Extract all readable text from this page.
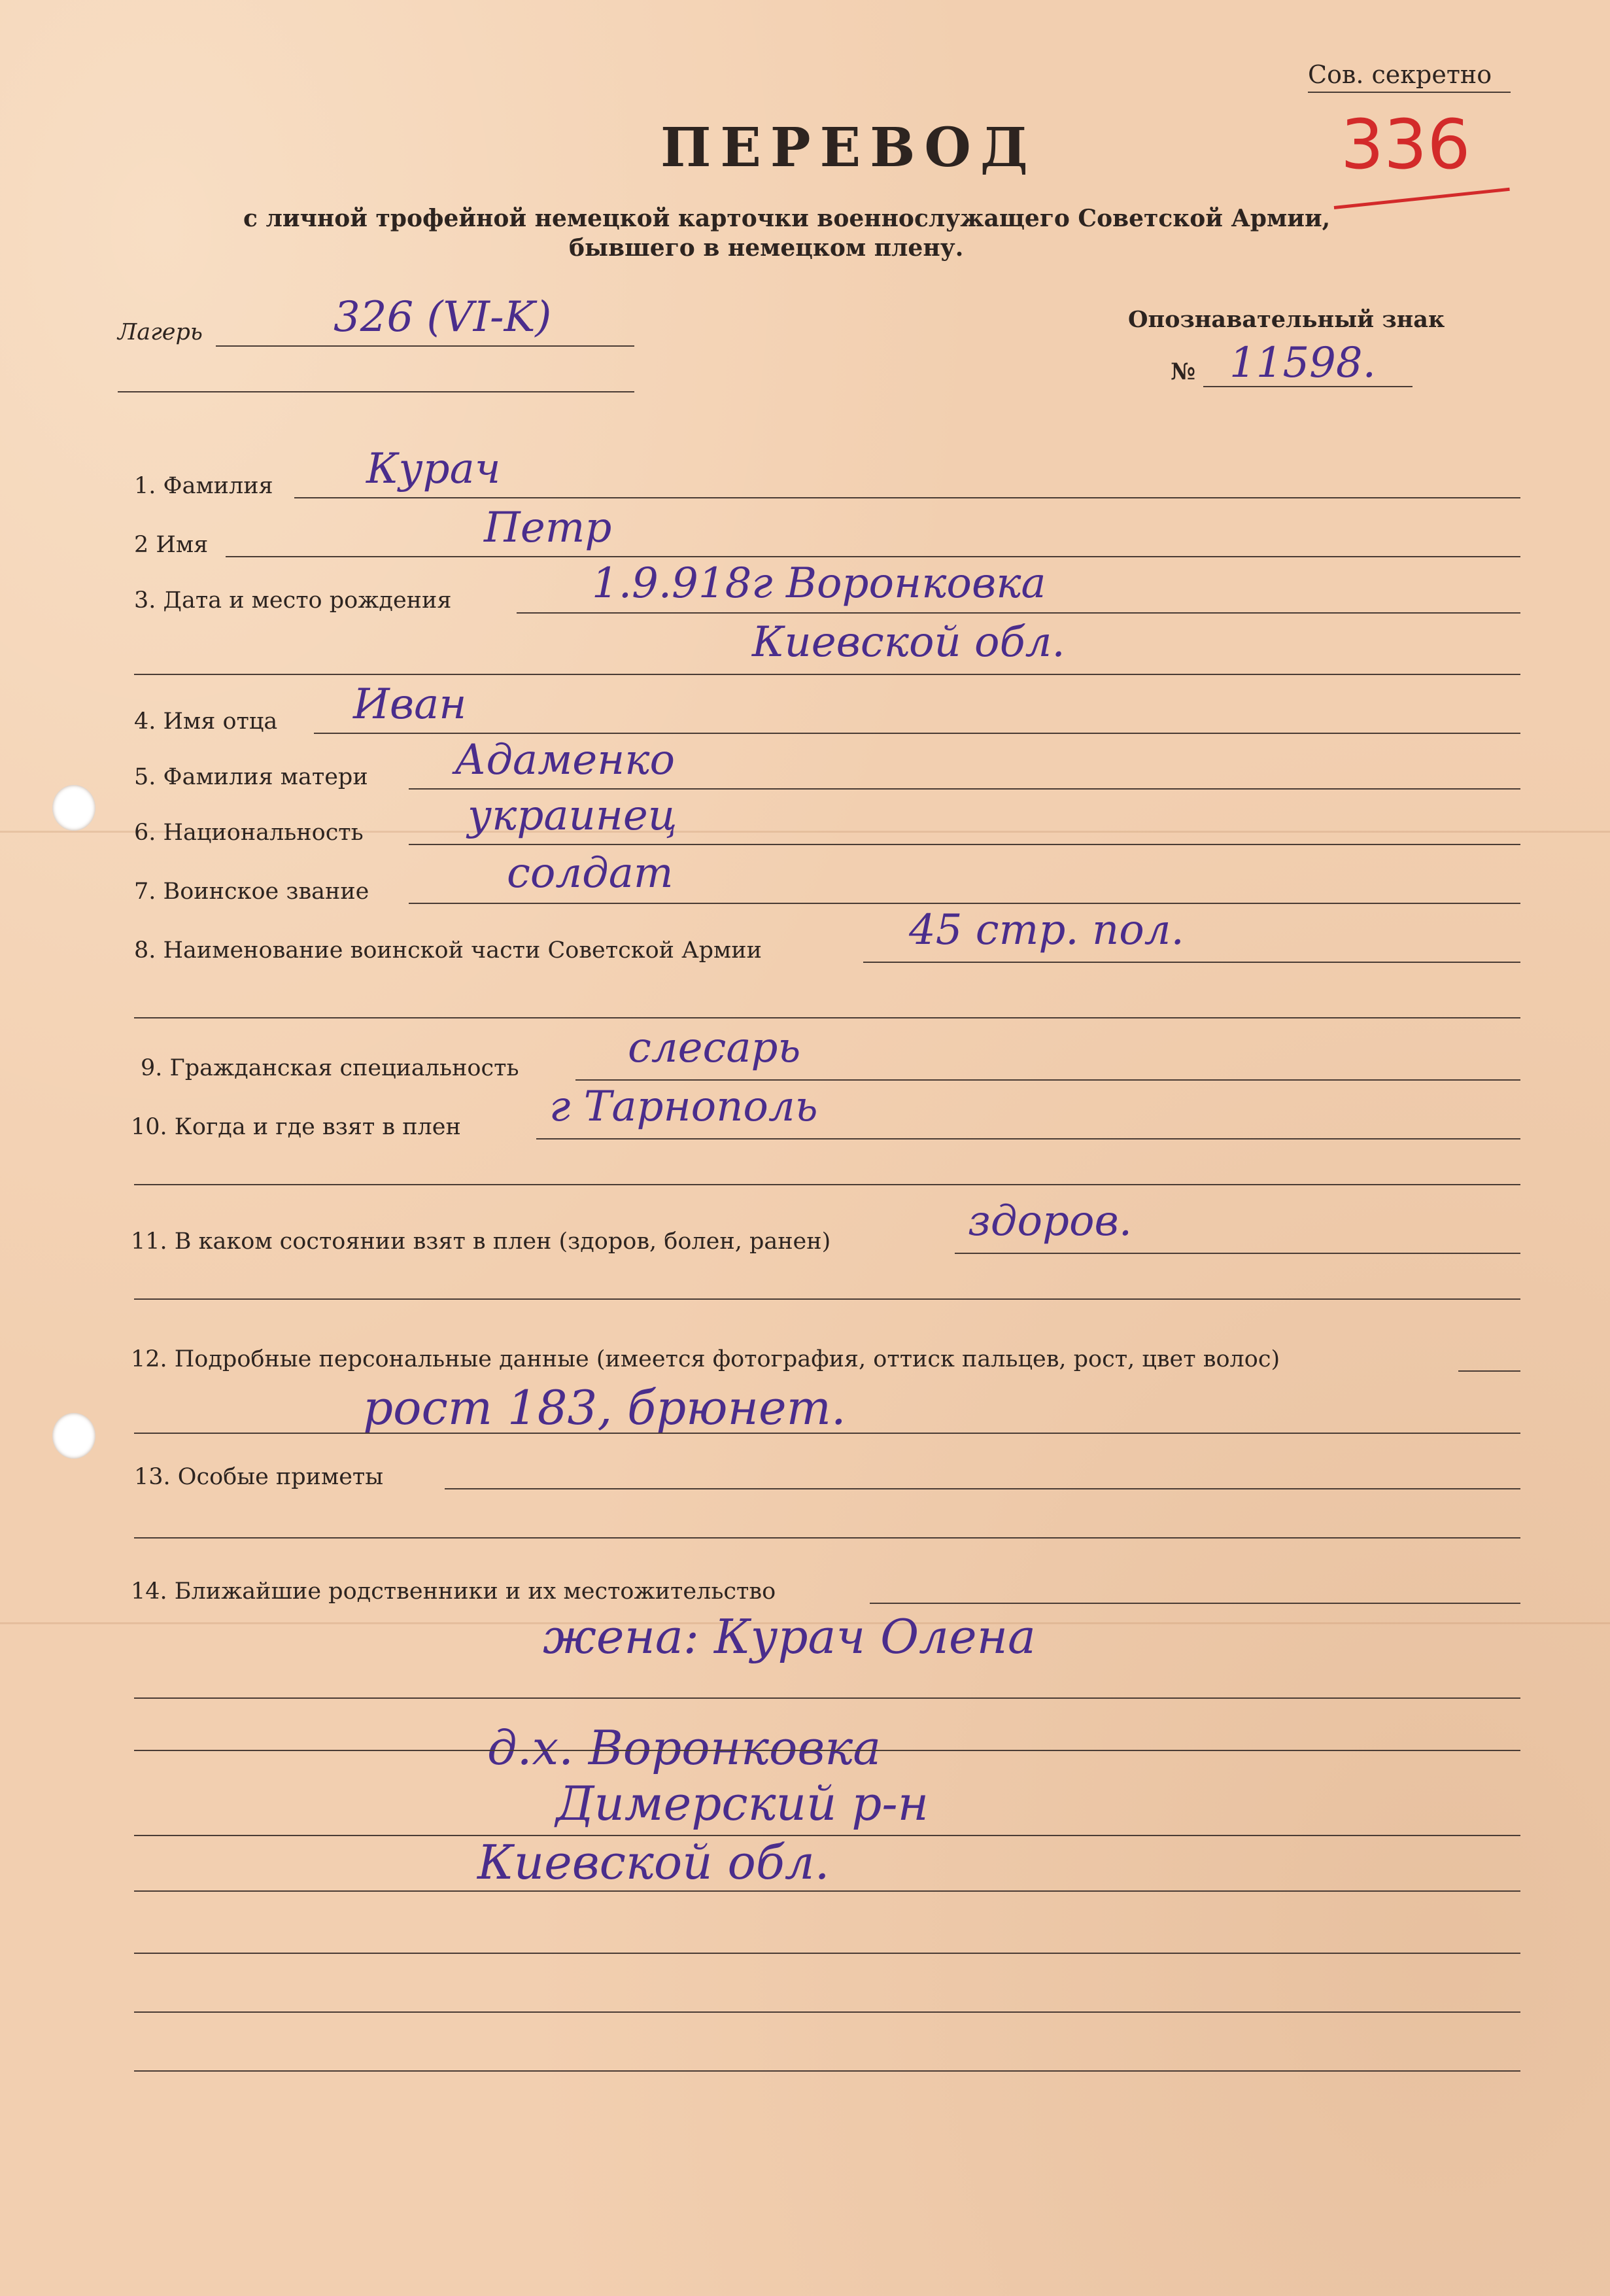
Сов. секретно
336
ПЕРЕВОД
с личной трофейной немецкой карточки военнослужащего Советской Армии,
бывшего в немецком плену.
Лагерь	326 (VI-K)	Опознавательный знак
№ 11598.
1. Фамилия Курач
2 Имя	Петр
3. Дата и место рождения	1.9.918г Воронковка
Киевской обл.
4. Имя отца Иван
5. Фамилия матери Адаменко
6. Национальность украинец
7. Воинское звание	солдат
8. Наименование воинской части Советской Армии	45 стр. пол.
9. Гражданская специальность	слесарь
10. Когда и где взят в плен г Тарнополь
11. В каком состоянии взят в плен (здоров, болен, ранен)	здоров.
12. Подробные персональные данные (имеется фотография, оттиск пальцев, рост, цвет волос)
рост 183, брюнет.
13. Особые приметы
14. Ближайшие родственники и их местожительство
жена: Курач Олена
д.х. Воронковка
Димерский р-н
Киевской обл.
